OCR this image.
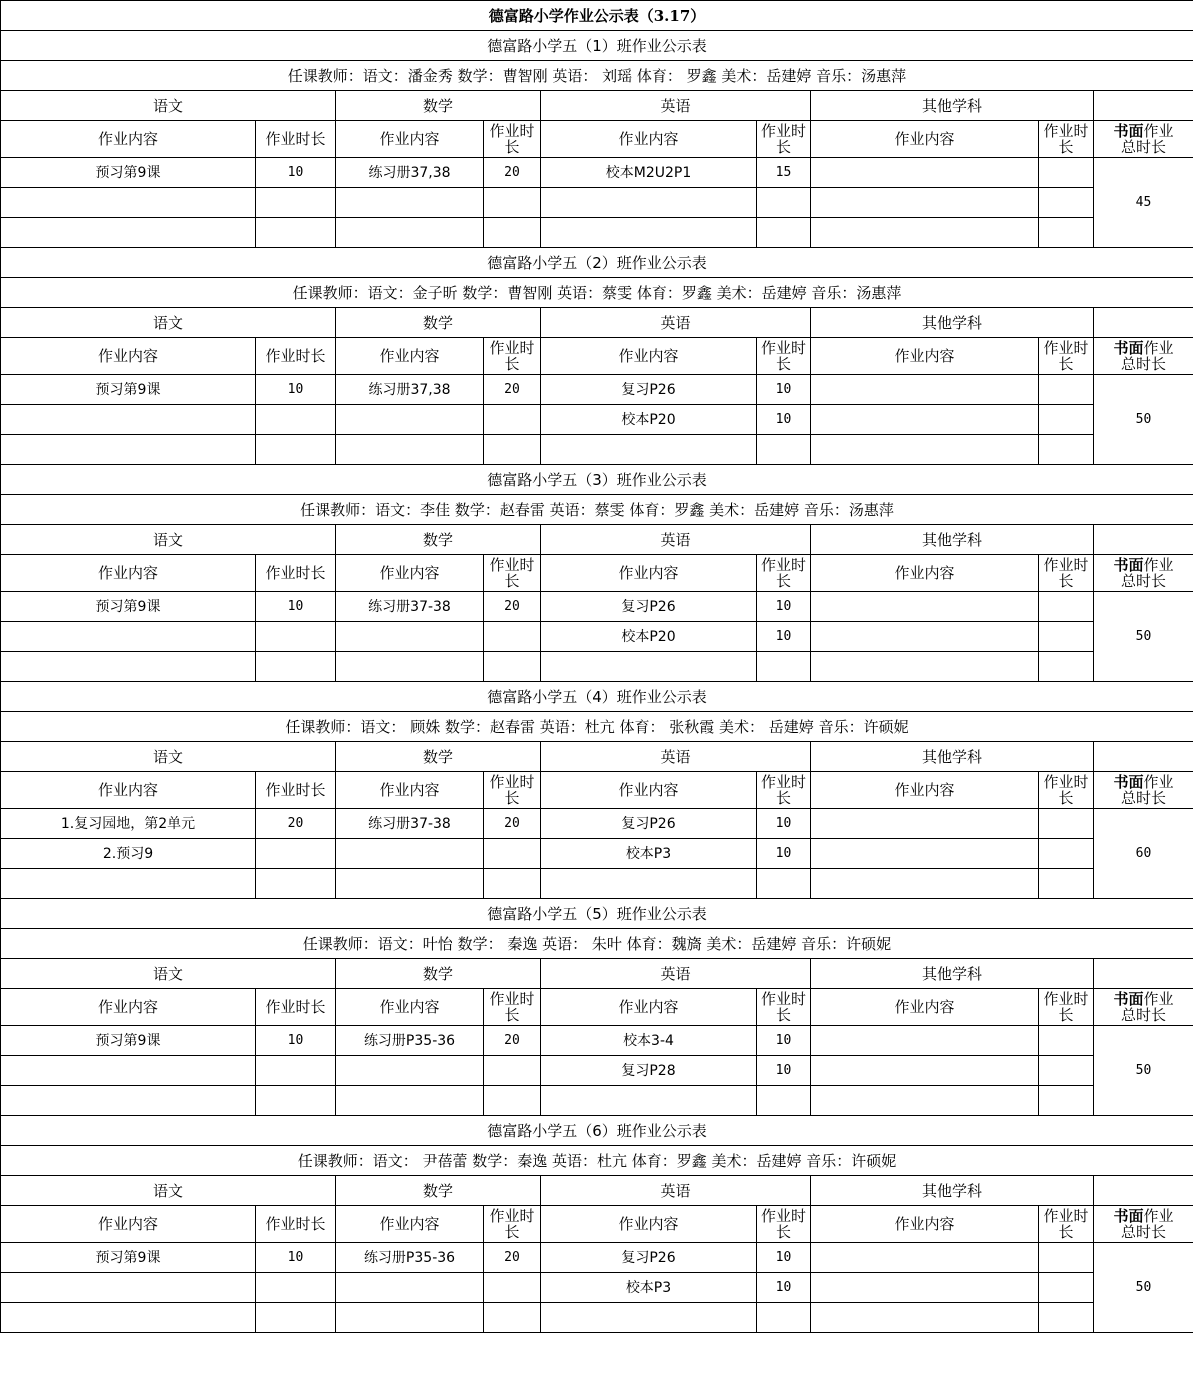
德富路小学作业公示表（3.17）								
德富路小学五（1）班作业公示表								
任课教师：语文：潘金秀 数学：曹智刚 英语： 刘瑶 体育： 罗鑫 美术：岳建婷 音乐：汤惠萍								
语文		数学		英语		其他学科		
作业内容	作业时长	作业内容	作业时长	作业内容	作业时长	作业内容	作业时长	书面作业
总时长
预习第9课	10	练习册37,38	20	校本M2U2P1	15			45

德富路小学五（2）班作业公示表								
任课教师：语文：金子昕 数学：曹智刚 英语：蔡雯 体育：罗鑫 美术：岳建婷 音乐：汤惠萍								
语文		数学		英语		其他学科		
作业内容	作业时长	作业内容	作业时长	作业内容	作业时长	作业内容	作业时长	书面作业
总时长
预习第9课	10	练习册37,38	20	复习P26	10			50
				校本P20	10			

德富路小学五（3）班作业公示表								
任课教师：语文：李佳 数学：赵春雷 英语：蔡雯 体育：罗鑫 美术：岳建婷 音乐：汤惠萍								
语文		数学		英语		其他学科		
作业内容	作业时长	作业内容	作业时长	作业内容	作业时长	作业内容	作业时长	书面作业
总时长
预习第9课	10	练习册37-38	20	复习P26	10			50
				校本P20	10			

德富路小学五（4）班作业公示表								
任课教师：语文： 顾姝 数学：赵春雷 英语：杜亢 体育： 张秋霞 美术： 岳建婷 音乐：许硕妮								
语文		数学		英语		其他学科		
作业内容	作业时长	作业内容	作业时长	作业内容	作业时长	作业内容	作业时长	书面作业
总时长
1.复习园地，第2单元	20	练习册37-38	20	复习P26	10			60
2.预习9				校本P3	10			

德富路小学五（5）班作业公示表								
任课教师：语文：叶怡 数学： 秦逸 英语： 朱叶 体育：魏旖 美术：岳建婷 音乐：许硕妮								
语文		数学		英语		其他学科		
作业内容	作业时长	作业内容	作业时长	作业内容	作业时长	作业内容	作业时长	书面作业
总时长
预习第9课	10	练习册P35-36	20	校本3-4	10			50
				复习P28	10			

德富路小学五（6）班作业公示表								
任课教师：语文： 尹蓓蕾 数学：秦逸 英语：杜亢 体育：罗鑫 美术：岳建婷 音乐：许硕妮								
语文		数学		英语		其他学科		
作业内容	作业时长	作业内容	作业时长	作业内容	作业时长	作业内容	作业时长	书面作业
总时长
预习第9课	10	练习册P35-36	20	复习P26	10			50
				校本P3	10			
